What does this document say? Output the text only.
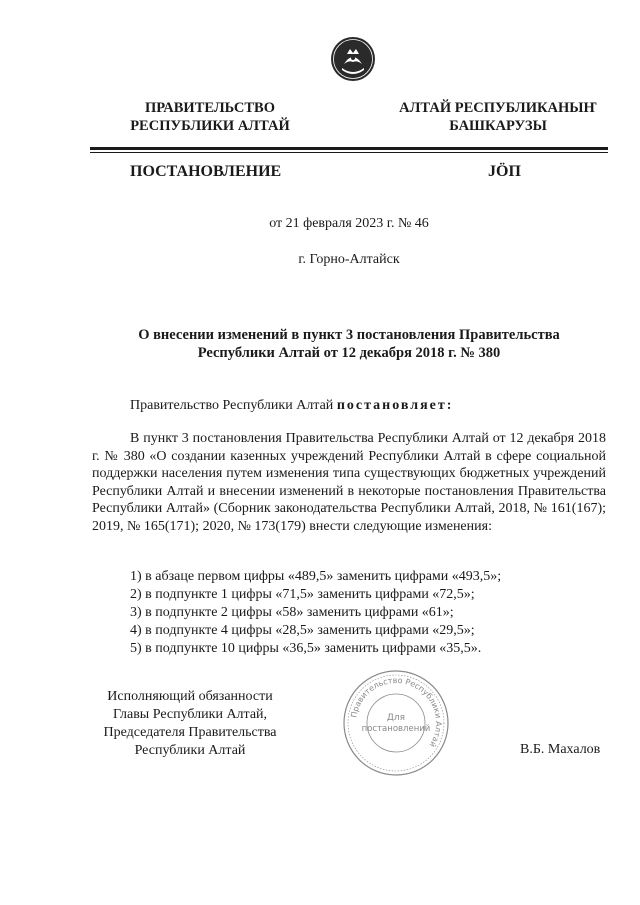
ПРАВИТЕЛЬСТВО
РЕСПУБЛИКИ АЛТАЙ
АЛТАЙ РЕСПУБЛИКАНЫҤ
БАШКАРУЗЫ
ПОСТАНОВЛЕНИЕ	JӦП
от 21 февраля 2023 г. № 46
г. Горно-Алтайск
О внесении изменений в пункт 3 постановления Правительства
Республики Алтай от 12 декабря 2018 г. № 380
Правительство Республики Алтай постановляет:

В пункт 3 постановления Правительства Республики Алтай от 12 декабря 2018 г. № 380 «О создании казенных учреждений Республики Алтай в сфере социальной поддержки населения путем изменения типа существующих бюджетных учреждений Республики Алтай и внесении изменений в некоторые постановления Правительства Республики Алтай» (Сборник законодательства Республики Алтай, 2018, № 161(167); 2019, № 165(171); 2020, № 173(179) внести следующие изменения:

1) в абзаце первом цифры «489,5» заменить цифрами «493,5»;
2) в подпункте 1 цифры «71,5» заменить цифрами «72,5»;
3) в подпункте 2 цифры «58» заменить цифрами «61»;
4) в подпункте 4 цифры «28,5» заменить цифрами «29,5»;
5) в подпункте 10 цифры «36,5» заменить цифрами «35,5».
Исполняющий обязанности
Главы Республики Алтай,
Председателя Правительства
Республики Алтай
Правительство Республики Алтай
Для
постановлений
В.Б. Махалов
